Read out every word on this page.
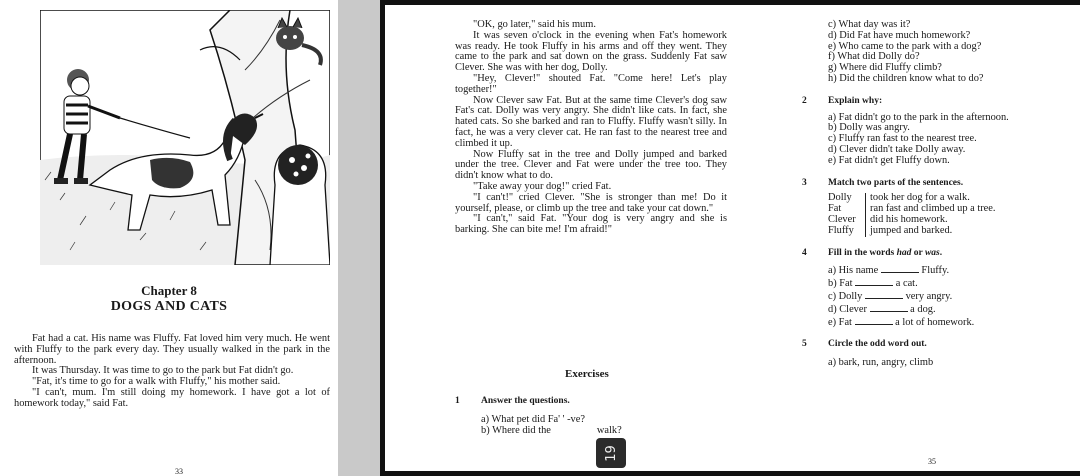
Chapter 8
DOGS AND CATS

Fat had a cat. His name was Fluffy. Fat loved him very much. He went with Fluffy to the park every day. They usually walked in the park in the afternoon.

It was Thursday. It was time to go to the park but Fat didn't go.

"Fat, it's time to go for a walk with Fluffy," his mother said.

"I can't, mum. I'm still doing my homework. I have got a lot of homework today," said Fat.

33

"OK, go later," said his mum.

It was seven o'clock in the evening when Fat's homework was ready. He took Fluffy in his arms and off they went. They came to the park and sat down on the grass. Suddenly Fat saw Clever. She was with her dog, Dolly.

"Hey, Clever!" shouted Fat. "Come here! Let's play together!"

Now Clever saw Fat. But at the same time Clever's dog saw Fat's cat. Dolly was very angry. She didn't like cats. In fact, she hated cats. So she barked and ran to Fluffy. Fluffy wasn't silly. In fact, he was a very clever cat. He ran fast to the nearest tree and climbed it up.

Now Fluffy sat in the tree and Dolly jumped and barked under the tree. Clever and Fat were under the tree too. They didn't know what to do.

"Take away your dog!" cried Fat.

"I can't!" cried Clever. "She is stronger than me! Do it yourself, please, or climb up the tree and take your cat down."

"I can't," said Fat. "Your dog is very angry and she is barking. She can bite me! I'm afraid!"

Exercises
1	Answer the questions.
a) What pet did Fa' ' -ve?
b) Where did the	walk?
19
c) What day was it?
d) Did Fat have much homework?
e) Who came to the park with a dog?
f) What did Dolly do?
g) Where did Fluffy climb?
h) Did the children know what to do?
2	Explain why:
a) Fat didn't go to the park in the afternoon.
b) Dolly was angry.
c) Fluffy ran fast to the nearest tree.
d) Clever didn't take Dolly away.
e) Fat didn't get Fluffy down.
3	Match two parts of the sentences.
Dolly	took her dog for a walk.
Fat	ran fast and climbed up a tree.
Clever	did his homework.
Fluffy	jumped and barked.
4	Fill in the words had or was.
a) His name	Fluffy.
b) Fat	a cat.
c) Dolly	very angry.
d) Clever	a dog.
e) Fat	a lot of homework.
5	Circle the odd word out.
a) bark, run, angry, climb
35
